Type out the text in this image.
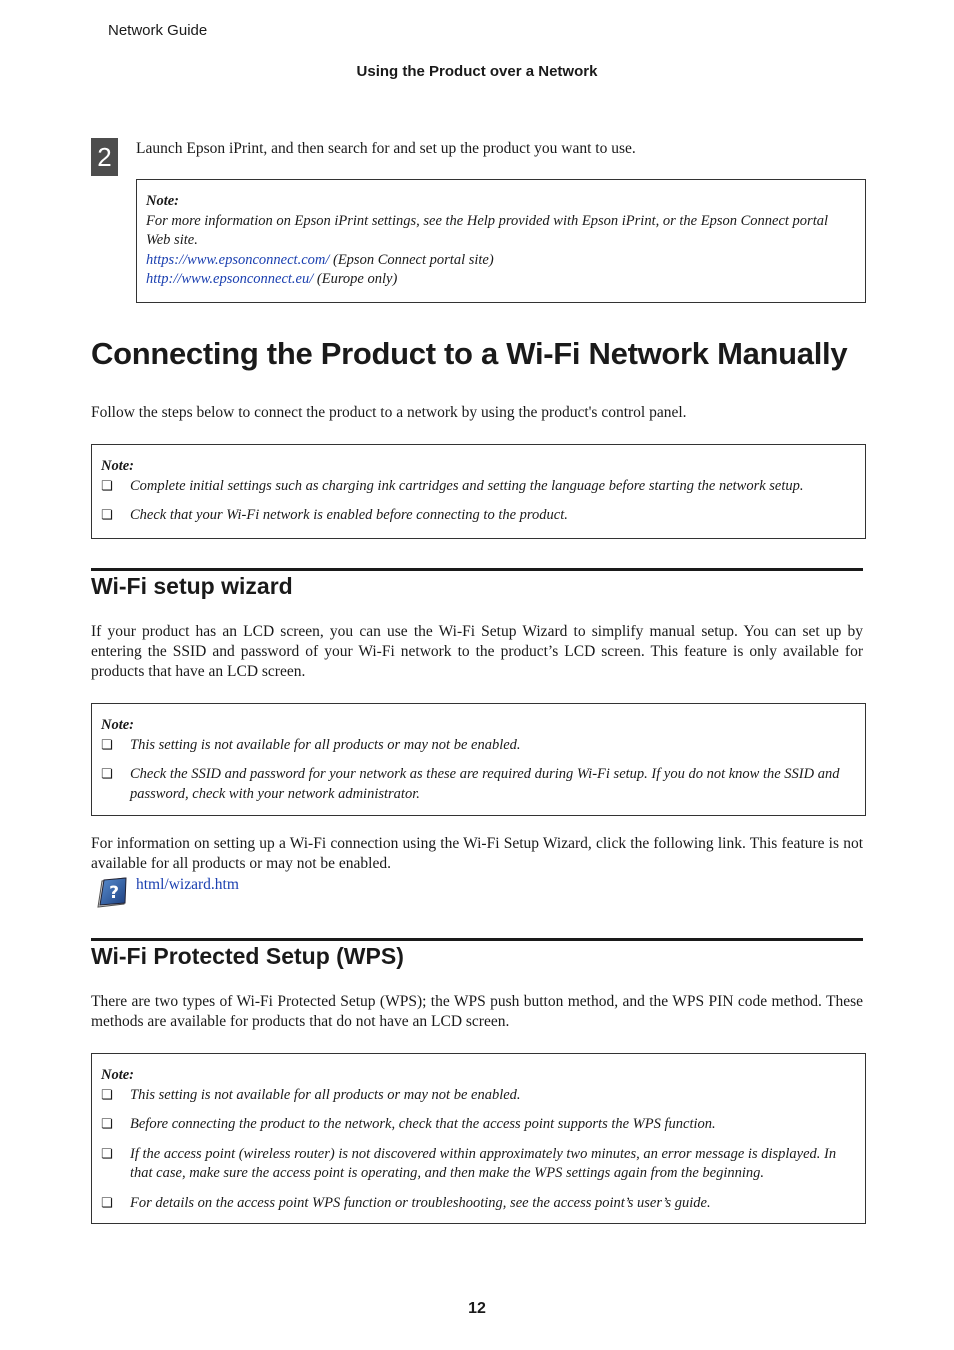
Network Guide
Using the Product over a Network
2	Launch Epson iPrint, and then search for and set up the product you want to use.
Note:
For more information on Epson iPrint settings, see the Help provided with Epson iPrint, or the Epson Connect portal Web site.
https://www.epsonconnect.com/ (Epson Connect portal site)
http://www.epsonconnect.eu/ (Europe only)
Connecting the Product to a Wi-Fi Network Manually
Follow the steps below to connect the product to a network by using the product's control panel.
Note:
❏ Complete initial settings such as charging ink cartridges and setting the language before starting the network setup.
❏ Check that your Wi-Fi network is enabled before connecting to the product.
Wi-Fi setup wizard
If your product has an LCD screen, you can use the Wi-Fi Setup Wizard to simplify manual setup. You can set up by entering the SSID and password of your Wi-Fi network to the product’s LCD screen. This feature is only available for products that have an LCD screen.
Note:
❏ This setting is not available for all products or may not be enabled.
❏ Check the SSID and password for your network as these are required during Wi-Fi setup. If you do not know the SSID and password, check with your network administrator.
For information on setting up a Wi-Fi connection using the Wi-Fi Setup Wizard, click the following link. This feature is not available for all products or may not be enabled.
? html/wizard.htm
Wi-Fi Protected Setup (WPS)
There are two types of Wi-Fi Protected Setup (WPS); the WPS push button method, and the WPS PIN code method. These methods are available for products that do not have an LCD screen.
Note:
❏ This setting is not available for all products or may not be enabled.
❏ Before connecting the product to the network, check that the access point supports the WPS function.
❏ If the access point (wireless router) is not discovered within approximately two minutes, an error message is displayed. In that case, make sure the access point is operating, and then make the WPS settings again from the beginning.
❏ For details on the access point WPS function or troubleshooting, see the access point’s user’s guide.
12
